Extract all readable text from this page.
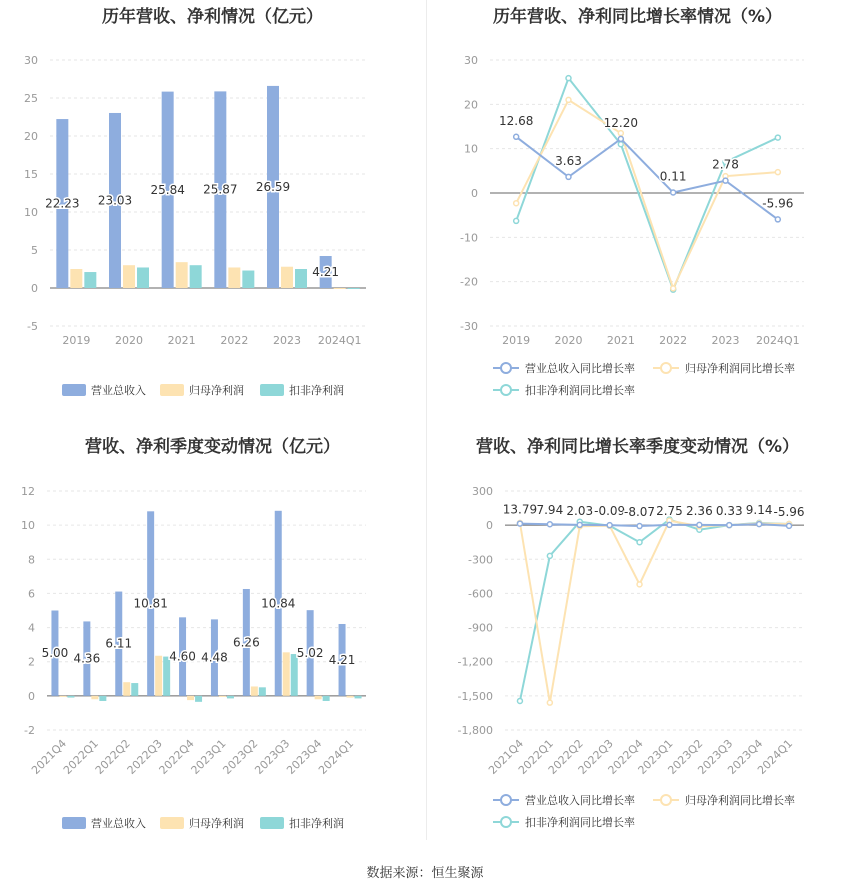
历年营收、净利情况（亿元）
-5
0
5
10
15
20
25
30
2019 2020 2021 2022 2023 2024Q1
22.23 23.03
25.84 25.87 26.59
4.21
营业总收入	归母净利润	扣非净利润
历年营收、净利同比增长率情况（%）
-30
-20
-10
0
10
20
30
2019 2020 2021 2022 2023 2024Q1
12.68
3.63
12.20
0.11
2.78
-5.96
营业总收入同比增长率	归母净利润同比增长率
扣非净利润同比增长率
营收、净利季度变动情况（亿元）
-2
0
2
4
6
8
10
12
2021Q4
2022Q1
2022Q2
2022Q3
2022Q4
2023Q1
2023Q2
2023Q3
2023Q4
2024Q1
5.00 4.36
6.11
10.81
4.60 4.48
6.26
10.84
5.02 4.21
营业总收入	归母净利润	扣非净利润
营收、净利同比增长率季度变动情况（%）
-1,800
-1,500
-1,200
-900
-600
-300
0
300
2021Q4
2022Q1
2022Q2
2022Q3
2022Q4
2023Q1
2023Q2
2023Q3
2023Q4
2024Q1
13.79 7.94 2.03 -0.09
-8.07 2.75 2.36 0.33 9.14 -5.96
营业总收入同比增长率	归母净利润同比增长率
扣非净利润同比增长率
数据来源：恒生聚源
